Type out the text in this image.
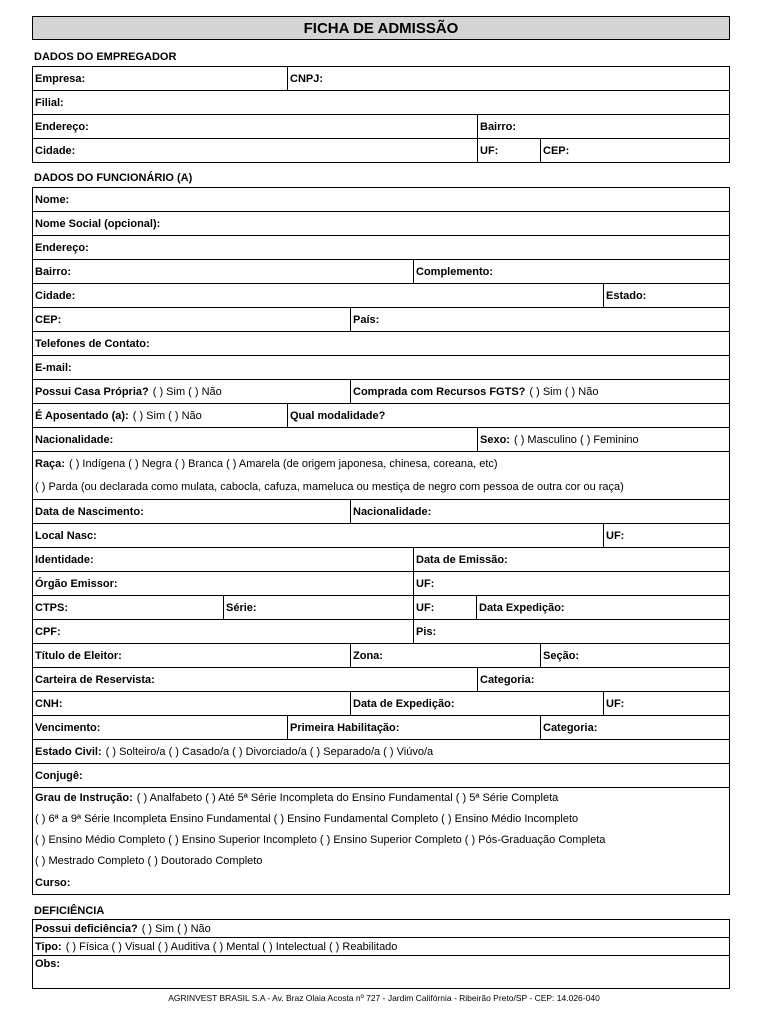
FICHA DE ADMISSÃO
DADOS DO EMPREGADOR
Empresa:	CNPJ:
Filial:
Endereço:	Bairro:
Cidade:	UF:	CEP:
DADOS DO FUNCIONÁRIO (A)
Nome:
Nome Social (opcional):
Endereço:
Bairro:	Complemento:
Cidade:	Estado:
CEP:	País:
Telefones de Contato:
E-mail:
Possui Casa Própria? ( ) Sim ( ) Não	Comprada com Recursos FGTS? ( ) Sim ( ) Não
É Aposentado (a): ( ) Sim ( ) Não	Qual modalidade?
Nacionalidade:	Sexo: ( ) Masculino ( ) Feminino
Raça: ( ) Indígena ( ) Negra ( ) Branca ( ) Amarela (de origem japonesa, chinesa, coreana, etc)
( ) Parda (ou declarada como mulata, cabocla, cafuza, mameluca ou mestiça de negro com pessoa de outra cor ou raça)
Data de Nascimento:	Nacionalidade:
Local Nasc:	UF:
Identidade:	Data de Emissão:
Órgão Emissor:	UF:
CTPS:	Série:	UF:	Data Expedição:
CPF:	Pis:
Título de Eleitor:	Zona:	Seção:
Carteira de Reservista:	Categoria:
CNH:	Data de Expedição:	UF:
Vencimento:	Primeira Habilitação:	Categoria:
Estado Civil: ( ) Solteiro/a ( ) Casado/a ( ) Divorciado/a ( ) Separado/a ( ) Viúvo/a
Conjugê:
Grau de Instrução: ( ) Analfabeto ( ) Até 5ª Série Incompleta do Ensino Fundamental ( ) 5ª Série Completa
( ) 6ª a 9ª Série Incompleta Ensino Fundamental ( ) Ensino Fundamental Completo ( ) Ensino Médio Incompleto
( ) Ensino Médio Completo ( ) Ensino Superior Incompleto ( ) Ensino Superior Completo ( ) Pós-Graduação Completa
( ) Mestrado Completo ( ) Doutorado Completo
Curso:
DEFICIÊNCIA
Possui deficiência? ( ) Sim ( ) Não
Tipo: ( ) Física ( ) Visual ( ) Auditiva ( ) Mental ( ) Intelectual ( ) Reabilitado
Obs:
AGRINVEST BRASIL S.A - Av. Braz Olaia Acosta nº 727 - Jardim Califórnia - Ribeirão Preto/SP - CEP: 14.026-040
